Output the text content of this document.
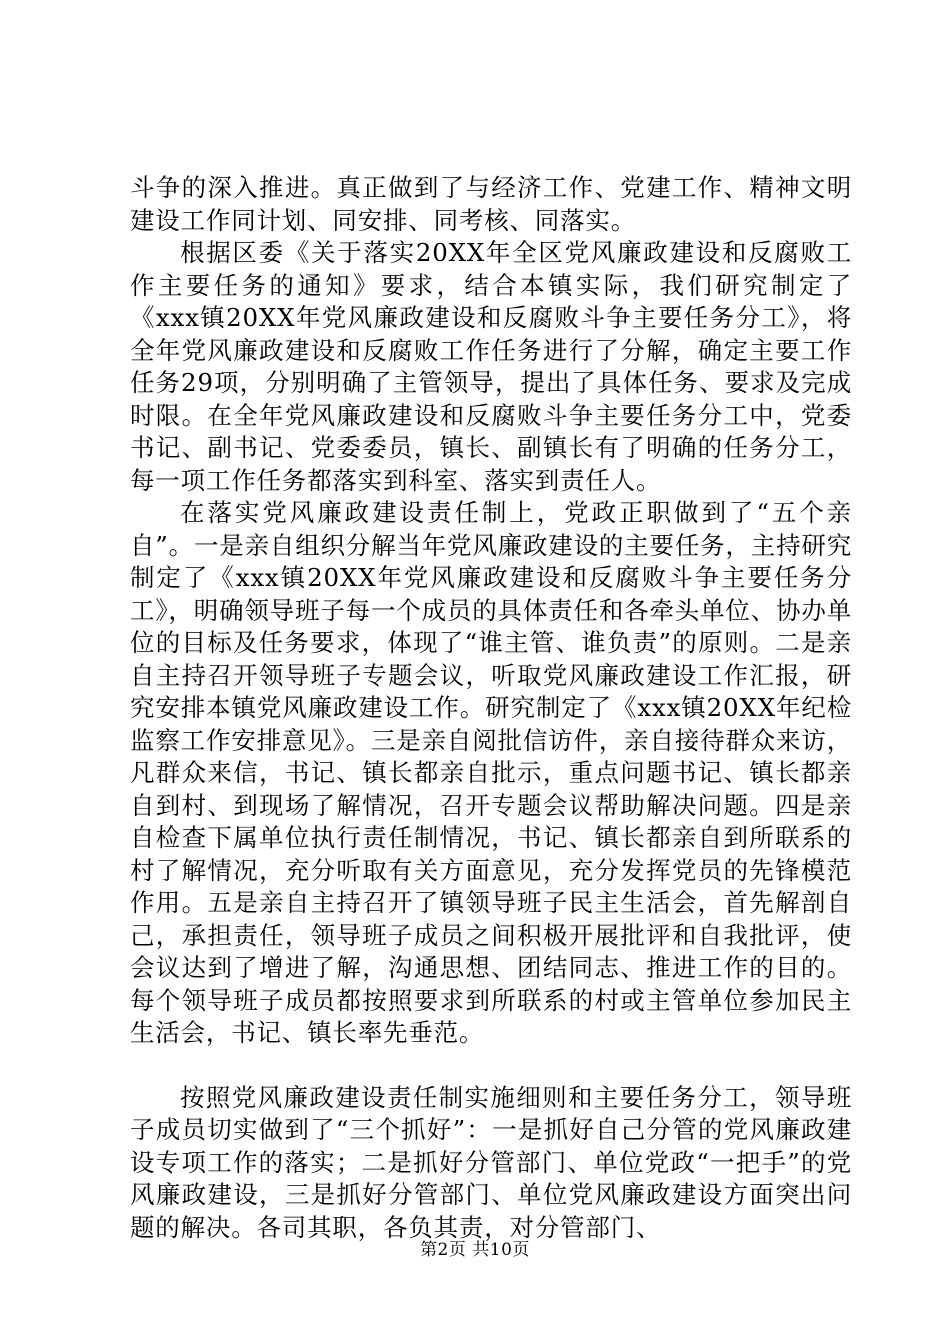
斗争的深入推进。真正做到了与经济工作、党建工作、精神文明建设工作同计划、同安排、同考核、同落实。

根据区委《关于落实20XX年全区党风廉政建设和反腐败工作主要任务的通知》要求，结合本镇实际，我们研究制定了《xxx镇20XX年党风廉政建设和反腐败斗争主要任务分工》，将全年党风廉政建设和反腐败工作任务进行了分解，确定主要工作任务29项，分别明确了主管领导，提出了具体任务、要求及完成时限。在全年党风廉政建设和反腐败斗争主要任务分工中，党委书记、副书记、党委委员，镇长、副镇长有了明确的任务分工，每一项工作任务都落实到科室、落实到责任人。

在落实党风廉政建设责任制上，党政正职做到了“五个亲自”。一是亲自组织分解当年党风廉政建设的主要任务，主持研究制定了《xxx镇20XX年党风廉政建设和反腐败斗争主要任务分工》，明确领导班子每一个成员的具体责任和各牵头单位、协办单位的目标及任务要求，体现了“谁主管、谁负责”的原则。二是亲自主持召开领导班子专题会议，听取党风廉政建设工作汇报，研究安排本镇党风廉政建设工作。研究制定了《xxx镇20XX年纪检监察工作安排意见》。三是亲自阅批信访件，亲自接待群众来访，凡群众来信，书记、镇长都亲自批示，重点问题书记、镇长都亲自到村、到现场了解情况，召开专题会议帮助解决问题。四是亲自检查下属单位执行责任制情况，书记、镇长都亲自到所联系的村了解情况，充分听取有关方面意见，充分发挥党员的先锋模范作用。五是亲自主持召开了镇领导班子民主生活会，首先解剖自己，承担责任，领导班子成员之间积极开展批评和自我批评，使会议达到了增进了解，沟通思想、团结同志、推进工作的目的。每个领导班子成员都按照要求到所联系的村或主管单位参加民主生活会，书记、镇长率先垂范。

按照党风廉政建设责任制实施细则和主要任务分工，领导班子成员切实做到了“三个抓好”：一是抓好自己分管的党风廉政建设专项工作的落实；二是抓好分管部门、单位党政“一把手”的党风廉政建设，三是抓好分管部门、单位党风廉政建设方面突出问题的解决。各司其职，各负其责，对分管部门、

第2页 共10页
